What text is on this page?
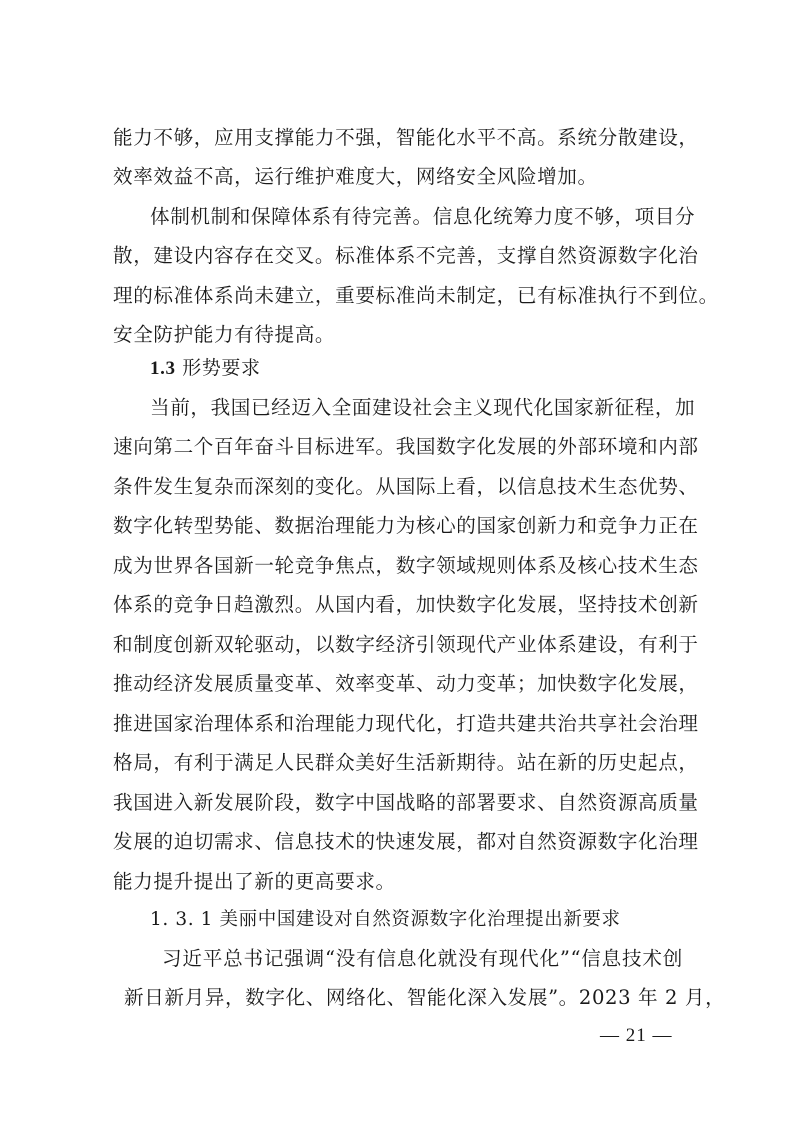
能力不够，应用支撑能力不强，智能化水平不高。系统分散建设，
效率效益不高，运行维护难度大，网络安全风险增加。
体制机制和保障体系有待完善。信息化统筹力度不够，项目分
散，建设内容存在交叉。标准体系不完善，支撑自然资源数字化治
理的标准体系尚未建立，重要标准尚未制定，已有标准执行不到位。
安全防护能力有待提高。
1.3 形势要求
当前，我国已经迈入全面建设社会主义现代化国家新征程，加
速向第二个百年奋斗目标进军。我国数字化发展的外部环境和内部
条件发生复杂而深刻的变化。从国际上看，以信息技术生态优势、
数字化转型势能、数据治理能力为核心的国家创新力和竞争力正在
成为世界各国新一轮竞争焦点，数字领域规则体系及核心技术生态
体系的竞争日趋激烈。从国内看，加快数字化发展，坚持技术创新
和制度创新双轮驱动，以数字经济引领现代产业体系建设，有利于
推动经济发展质量变革、效率变革、动力变革；加快数字化发展，
推进国家治理体系和治理能力现代化，打造共建共治共享社会治理
格局，有利于满足人民群众美好生活新期待。站在新的历史起点，
我国进入新发展阶段，数字中国战略的部署要求、自然资源高质量
发展的迫切需求、信息技术的快速发展，都对自然资源数字化治理
能力提升提出了新的更高要求。
1. 3. 1 美丽中国建设对自然资源数字化治理提出新要求
习近平总书记强调“没有信息化就没有现代化”“信息技术创
新日新月异，数字化、网络化、智能化深入发展”。2023 年 2 月，
— 21 —
